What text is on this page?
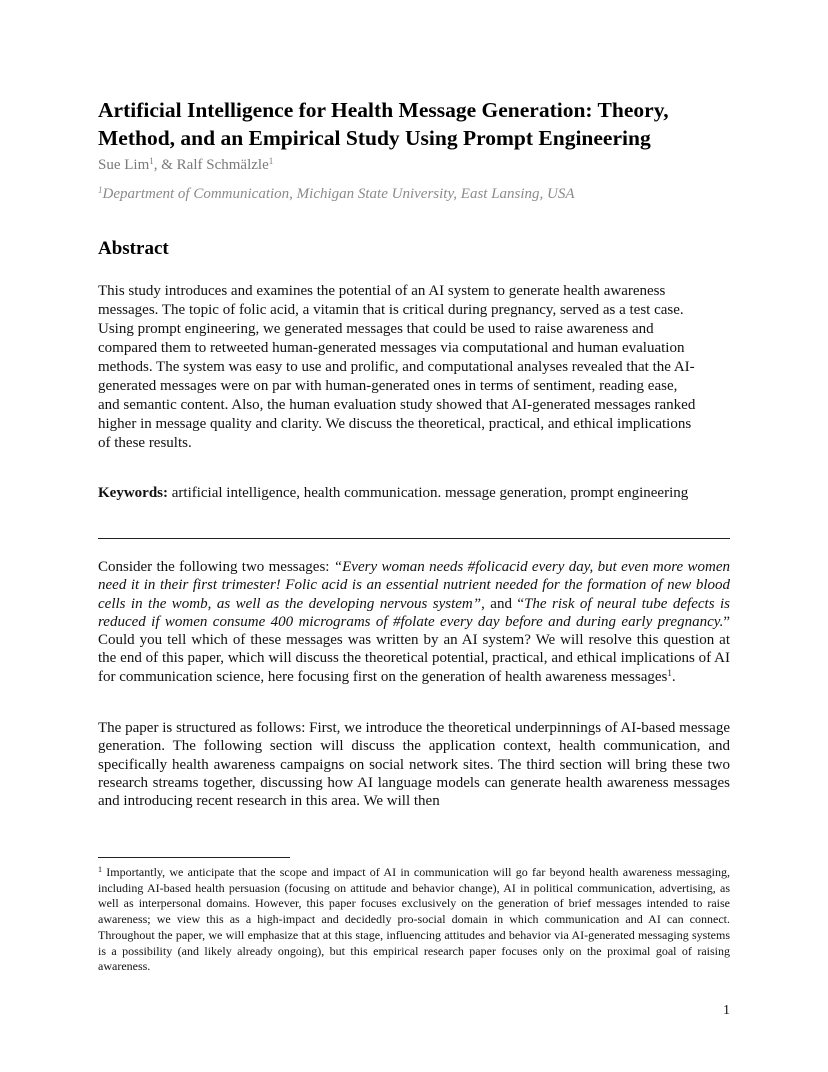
Artificial Intelligence for Health Message Generation: Theory, Method, and an Empirical Study Using Prompt Engineering
Sue Lim$^1$, & Ralf Schmälzle$^1$
$^1$Department of Communication, Michigan State University, East Lansing, USA
Abstract
This study introduces and examines the potential of an AI system to generate health awareness messages. The topic of folic acid, a vitamin that is critical during pregnancy, served as a test case. Using prompt engineering, we generated messages that could be used to raise awareness and compared them to retweeted human-generated messages via computational and human evaluation methods. The system was easy to use and prolific, and computational analyses revealed that the AI-generated messages were on par with human-generated ones in terms of sentiment, reading ease, and semantic content. Also, the human evaluation study showed that AI-generated messages ranked higher in message quality and clarity. We discuss the theoretical, practical, and ethical implications of these results.
Keywords: artificial intelligence, health communication. message generation, prompt engineering
Consider the following two messages: “Every woman needs #folicacid every day, but even more women need it in their first trimester! Folic acid is an essential nutrient needed for the formation of new blood cells in the womb, as well as the developing nervous system”, and “The risk of neural tube defects is reduced if women consume 400 micrograms of #folate every day before and during early pregnancy.” Could you tell which of these messages was written by an AI system? We will resolve this question at the end of this paper, which will discuss the theoretical potential, practical, and ethical implications of AI for communication science, here focusing first on the generation of health awareness messages$^1$.
The paper is structured as follows: First, we introduce the theoretical underpinnings of AI-based message generation. The following section will discuss the application context, health communication, and specifically health awareness campaigns on social network sites. The third section will bring these two research streams together, discussing how AI language models can generate health awareness messages and introducing recent research in this area. We will then
$^1$ Importantly, we anticipate that the scope and impact of AI in communication will go far beyond health awareness messaging, including AI-based health persuasion (focusing on attitude and behavior change), AI in political communication, advertising, as well as interpersonal domains. However, this paper focuses exclusively on the generation of brief messages intended to raise awareness; we view this as a high-impact and decidedly pro-social domain in which communication and AI can connect. Throughout the paper, we will emphasize that at this stage, influencing attitudes and behavior via AI-generated messaging systems is a possibility (and likely already ongoing), but this empirical research paper focuses only on the proximal goal of raising awareness.
1
